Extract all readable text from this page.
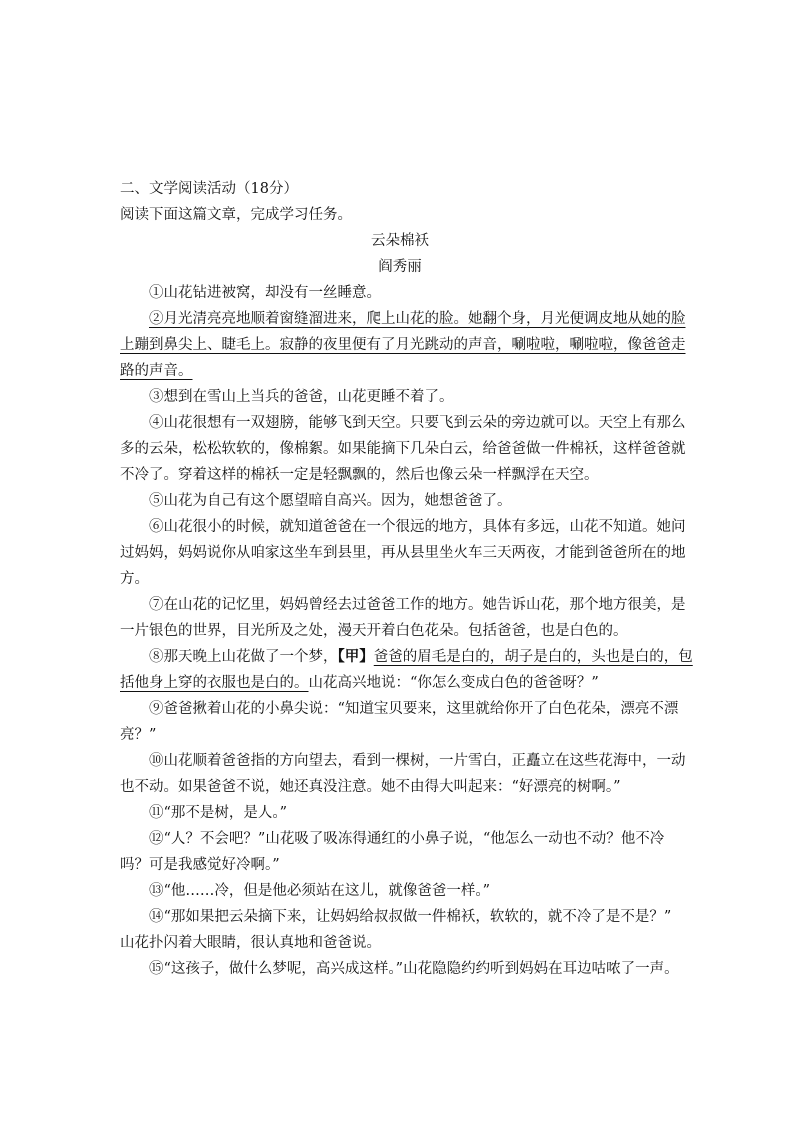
二、文学阅读活动（18分）
阅读下面这篇文章，完成学习任务。
云朵棉袄
阎秀丽
①山花钻进被窝，却没有一丝睡意。
②月光清亮亮地顺着窗缝溜进来，爬上山花的脸。她翻个身，月光便调皮地从她的脸
上蹦到鼻尖上、睫毛上。寂静的夜里便有了月光跳动的声音，唰啦啦，唰啦啦，像爸爸走
路的声音。
③想到在雪山上当兵的爸爸，山花更睡不着了。
④山花很想有一双翅膀，能够飞到天空。只要飞到云朵的旁边就可以。天空上有那么
多的云朵，松松软软的，像棉絮。如果能摘下几朵白云，给爸爸做一件棉袄，这样爸爸就
不冷了。穿着这样的棉袄一定是轻飘飘的，然后也像云朵一样飘浮在天空。
⑤山花为自己有这个愿望暗自高兴。因为，她想爸爸了。
⑥山花很小的时候，就知道爸爸在一个很远的地方，具体有多远，山花不知道。她问
过妈妈，妈妈说你从咱家这坐车到县里，再从县里坐火车三天两夜，才能到爸爸所在的地
方。
⑦在山花的记忆里，妈妈曾经去过爸爸工作的地方。她告诉山花，那个地方很美，是
一片银色的世界，目光所及之处，漫天开着白色花朵。包括爸爸，也是白色的。
⑧那天晚上山花做了一个梦，【甲】爸爸的眉毛是白的，胡子是白的，头也是白的，包
括他身上穿的衣服也是白的。山花高兴地说：“你怎么变成白色的爸爸呀？”
⑨爸爸揪着山花的小鼻尖说：“知道宝贝要来，这里就给你开了白色花朵，漂亮不漂
亮？”
⑩山花顺着爸爸指的方向望去，看到一棵树，一片雪白，正矗立在这些花海中，一动
也不动。如果爸爸不说，她还真没注意。她不由得大叫起来：“好漂亮的树啊。”
⑪“那不是树，是人。”
⑫“人？不会吧？”山花吸了吸冻得通红的小鼻子说，“他怎么一动也不动？他不冷
吗？可是我感觉好冷啊。”
⑬“他……冷，但是他必须站在这儿，就像爸爸一样。”
⑭“那如果把云朵摘下来，让妈妈给叔叔做一件棉袄，软软的，就不冷了是不是？”
山花扑闪着大眼睛，很认真地和爸爸说。
⑮“这孩子，做什么梦呢，高兴成这样。”山花隐隐约约听到妈妈在耳边咕哝了一声。
